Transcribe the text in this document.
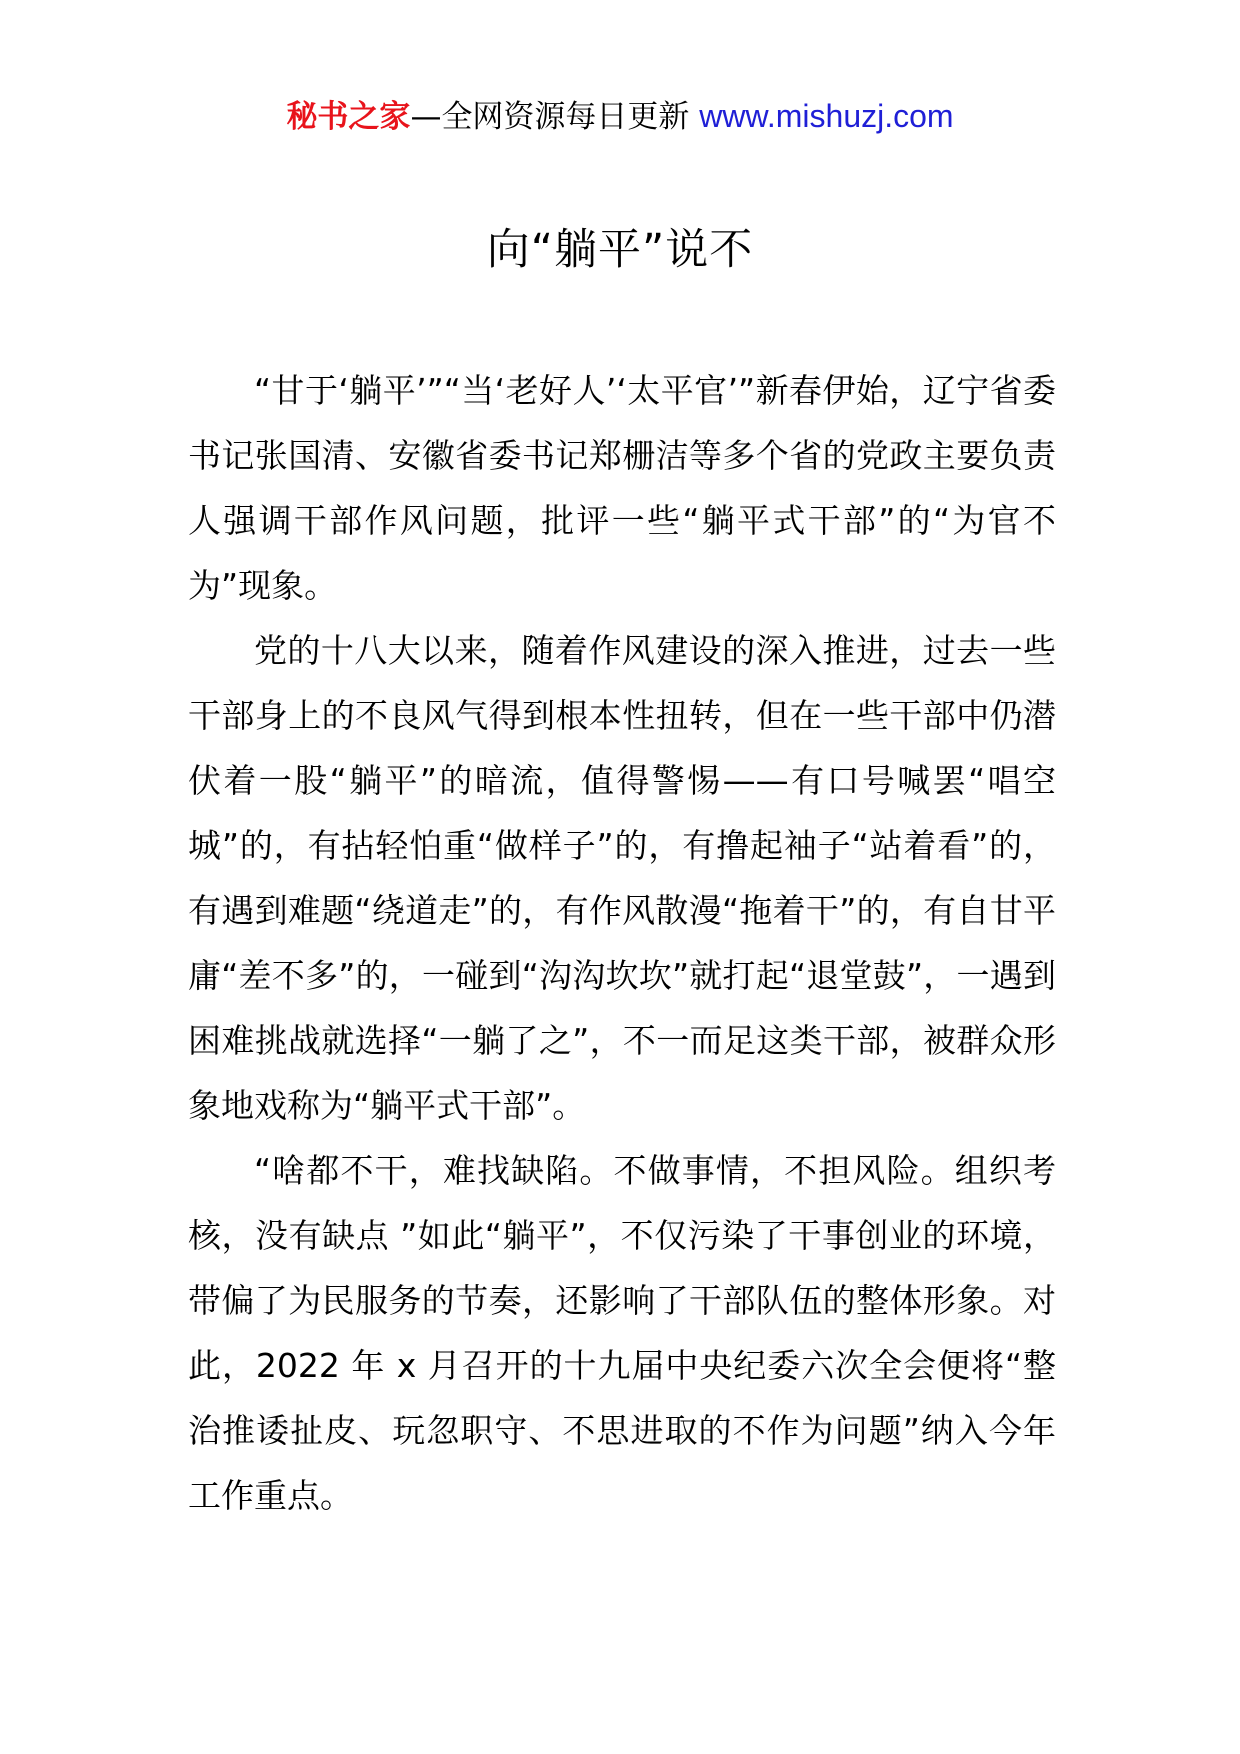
秘书之家—全网资源每日更新 www.mishuzj.com
向“躺平”说不

“甘于‘躺平’”“当‘老好人’‘太平官’”新春伊始，辽宁省委书记张国清、安徽省委书记郑栅洁等多个省的党政主要负责人强调干部作风问题，批评一些“躺平式干部”的“为官不为”现象。

党的十八大以来，随着作风建设的深入推进，过去一些干部身上的不良风气得到根本性扭转，但在一些干部中仍潜伏着一股“躺平”的暗流，值得警惕——有口号喊罢“唱空城”的，有拈轻怕重“做样子”的，有撸起袖子“站着看”的，有遇到难题“绕道走”的，有作风散漫“拖着干”的，有自甘平庸“差不多”的，一碰到“沟沟坎坎”就打起“退堂鼓”，一遇到困难挑战就选择“一躺了之”，不一而足这类干部，被群众形象地戏称为“躺平式干部”。

“啥都不干，难找缺陷。不做事情，不担风险。组织考核，没有缺点 ”如此“躺平”，不仅污染了干事创业的环境，带偏了为民服务的节奏，还影响了干部队伍的整体形象。对此，2022 年 x 月召开的十九届中央纪委六次全会便将“整治推诿扯皮、玩忽职守、不思进取的不作为问题”纳入今年工作重点。
